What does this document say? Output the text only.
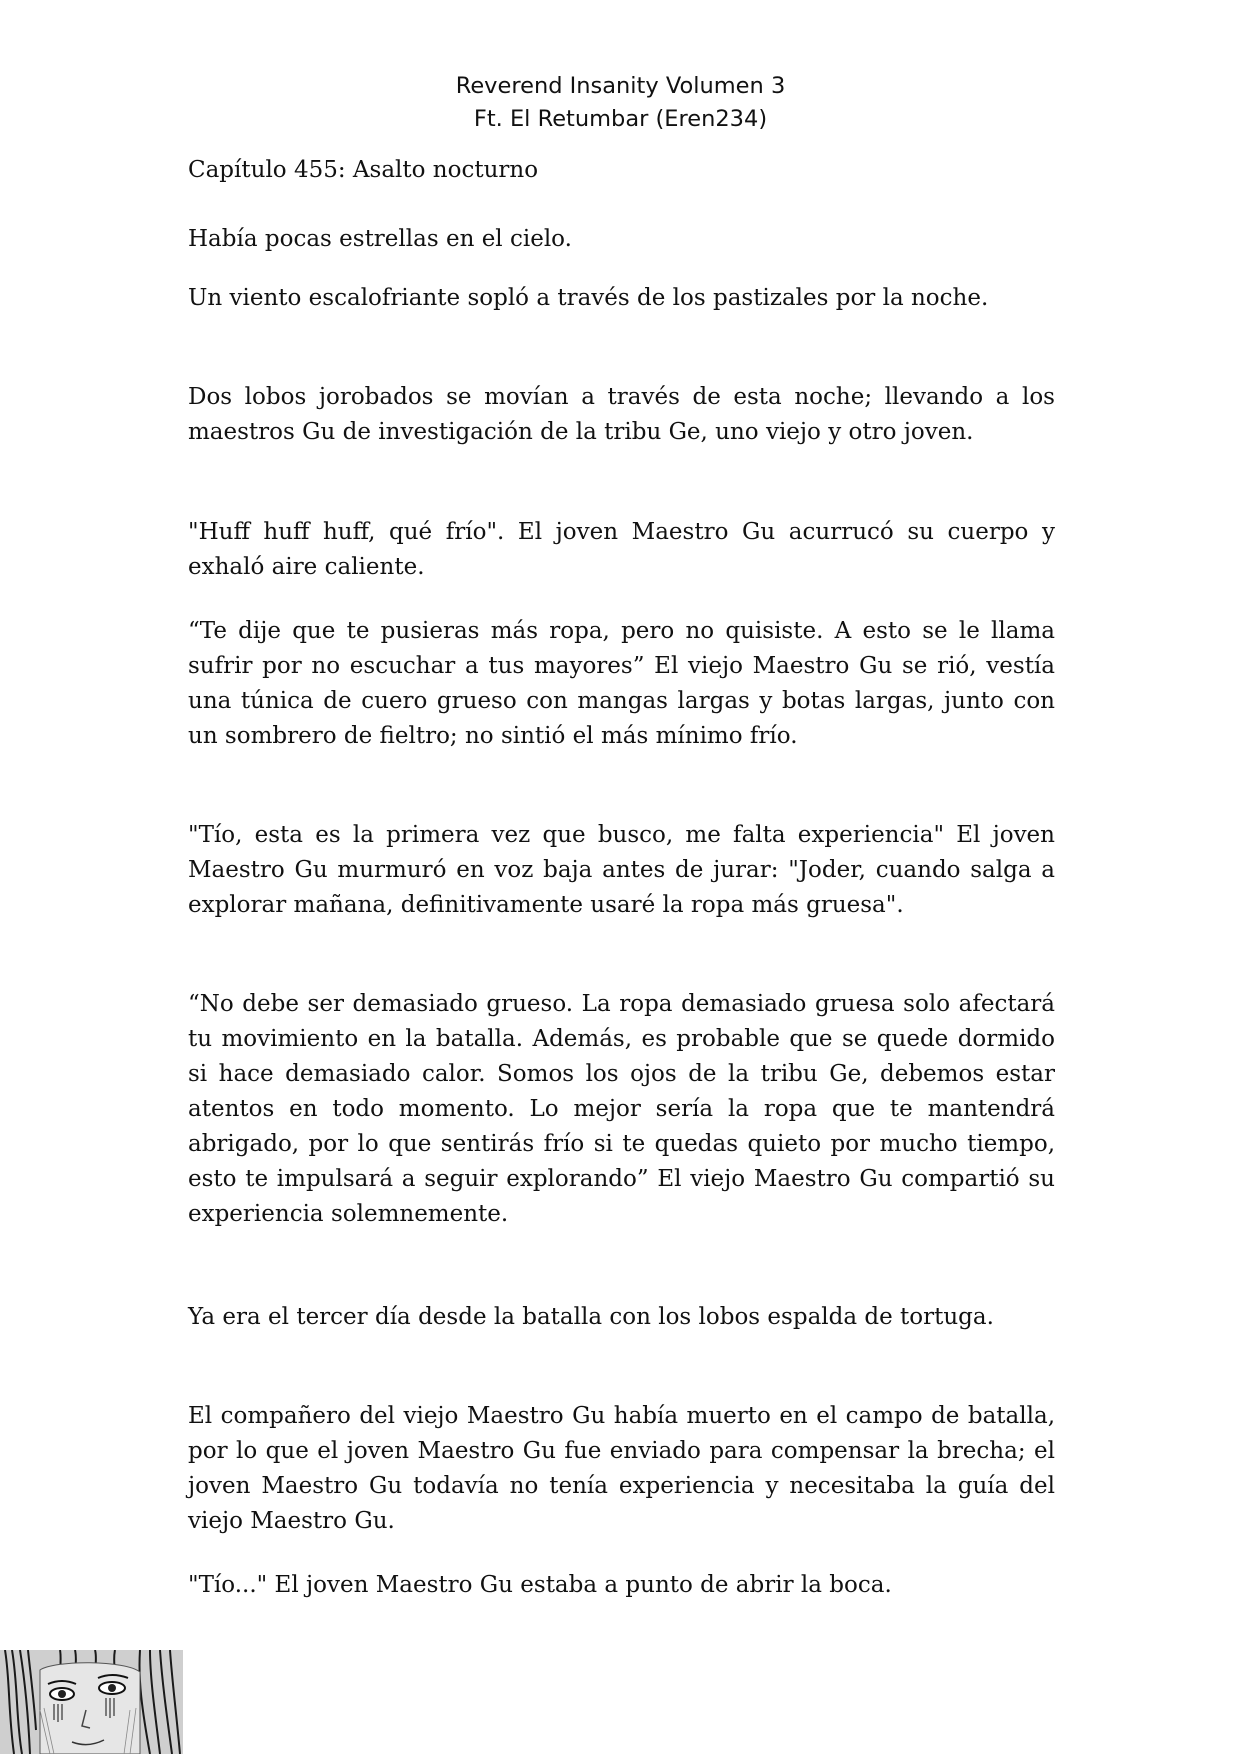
Reverend Insanity Volumen 3
Ft. El Retumbar (Eren234)
Capítulo 455: Asalto nocturno
Había pocas estrellas en el cielo.
Un viento escalofriante sopló a través de los pastizales por la noche.
Dos lobos jorobados se movían a través de esta noche; llevando a los maestros Gu de investigación de la tribu Ge, uno viejo y otro joven.
"Huff huff huff, qué frío". El joven Maestro Gu acurrucó su cuerpo y exhaló aire caliente.
“Te dije que te pusieras más ropa, pero no quisiste. A esto se le llama sufrir por no escuchar a tus mayores” El viejo Maestro Gu se rió, vestía una túnica de cuero grueso con mangas largas y botas largas, junto con un sombrero de fieltro; no sintió el más mínimo frío.
"Tío, esta es la primera vez que busco, me falta experiencia" El joven Maestro Gu murmuró en voz baja antes de jurar: "Joder, cuando salga a explorar mañana, definitivamente usaré la ropa más gruesa".
“No debe ser demasiado grueso. La ropa demasiado gruesa solo afectará tu movimiento en la batalla. Además, es probable que se quede dormido si hace demasiado calor. Somos los ojos de la tribu Ge, debemos estar atentos en todo momento. Lo mejor sería la ropa que te mantendrá abrigado, por lo que sentirás frío si te quedas quieto por mucho tiempo, esto te impulsará a seguir explorando” El viejo Maestro Gu compartió su experiencia solemnemente.
Ya era el tercer día desde la batalla con los lobos espalda de tortuga.
El compañero del viejo Maestro Gu había muerto en el campo de batalla, por lo que el joven Maestro Gu fue enviado para compensar la brecha; el joven Maestro Gu todavía no tenía experiencia y necesitaba la guía del viejo Maestro Gu.
"Tío..." El joven Maestro Gu estaba a punto de abrir la boca.
